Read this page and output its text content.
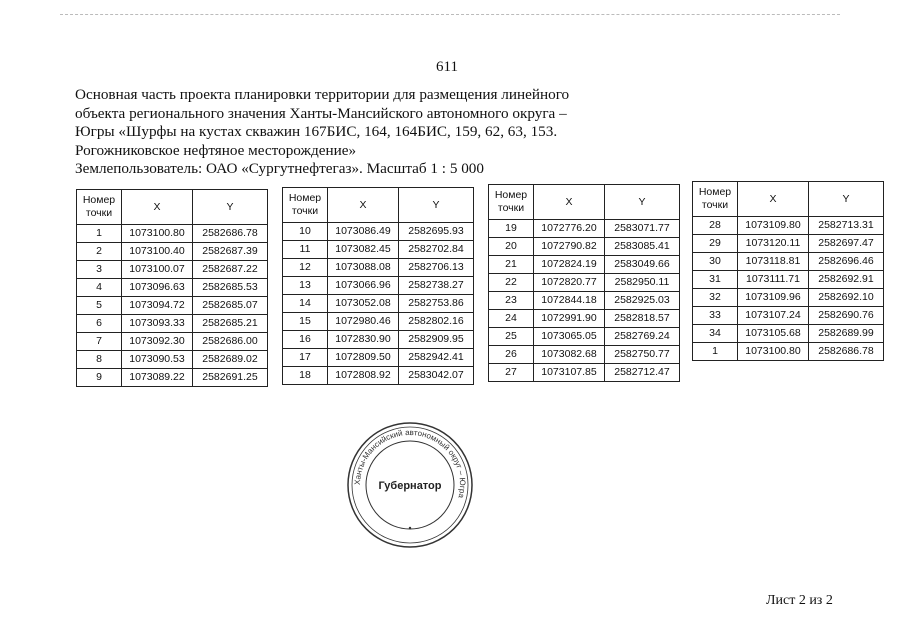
611
Основная часть проекта планировки территории для размещения линейного
объекта регионального значения Ханты-Мансийского автономного округа –
Югры «Шурфы на кустах скважин 167БИС, 164, 164БИС, 159, 62, 63, 153.
Рогожниковское нефтяное месторождение»
Землепользователь: ОАО «Сургутнефтегаз». Масштаб 1 : 5 000
Номер точки	X	Y
1	1073100.80	2582686.78
2	1073100.40	2582687.39
3	1073100.07	2582687.22
4	1073096.63	2582685.53
5	1073094.72	2582685.07
6	1073093.33	2582685.21
7	1073092.30	2582686.00
8	1073090.53	2582689.02
9	1073089.22	2582691.25
Номер точки	X	Y
10	1073086.49	2582695.93
11	1073082.45	2582702.84
12	1073088.08	2582706.13
13	1073066.96	2582738.27
14	1073052.08	2582753.86
15	1072980.46	2582802.16
16	1072830.90	2582909.95
17	1072809.50	2582942.41
18	1072808.92	2583042.07
Номер точки	X	Y
19	1072776.20	2583071.77
20	1072790.82	2583085.41
21	1072824.19	2583049.66
22	1072820.77	2582950.11
23	1072844.18	2582925.03
24	1072991.90	2582818.57
25	1073065.05	2582769.24
26	1073082.68	2582750.77
27	1073107.85	2582712.47
Номер точки	X	Y
28	1073109.80	2582713.31
29	1073120.11	2582697.47
30	1073118.81	2582696.46
31	1073111.71	2582692.91
32	1073109.96	2582692.10
33	1073107.24	2582690.76
34	1073105.68	2582689.99
1	1073100.80	2582686.78
Ханты-Мансийский автономный округ – Югра
Губернатор
Лист 2 из 2
